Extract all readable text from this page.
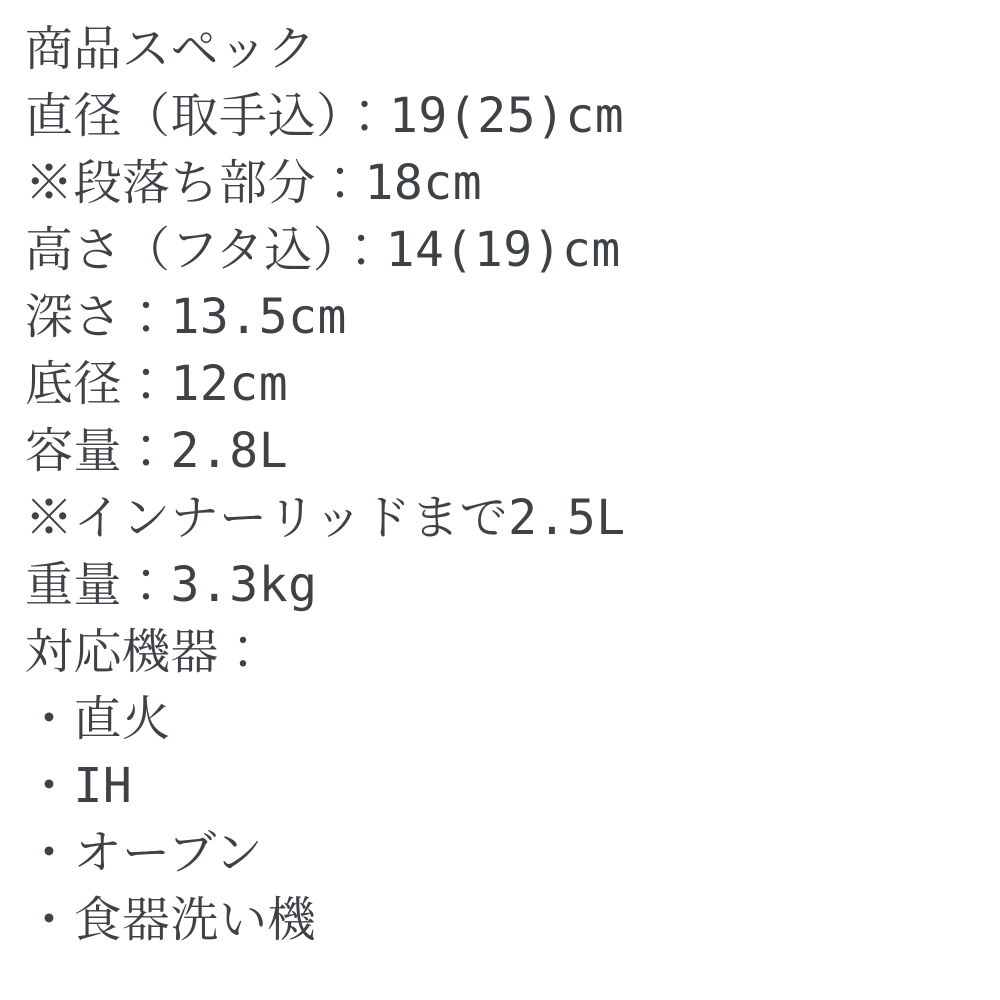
商品スペック
直径（取手込）：19(25)cm
※段落ち部分：18cm
高さ（フタ込）：14(19)cm
深さ：13.5cm
底径：12cm
容量：2.8L
※インナーリッドまで2.5L
重量：3.3kg
対応機器：
・直火
・IH
・オーブン
・食器洗い機
